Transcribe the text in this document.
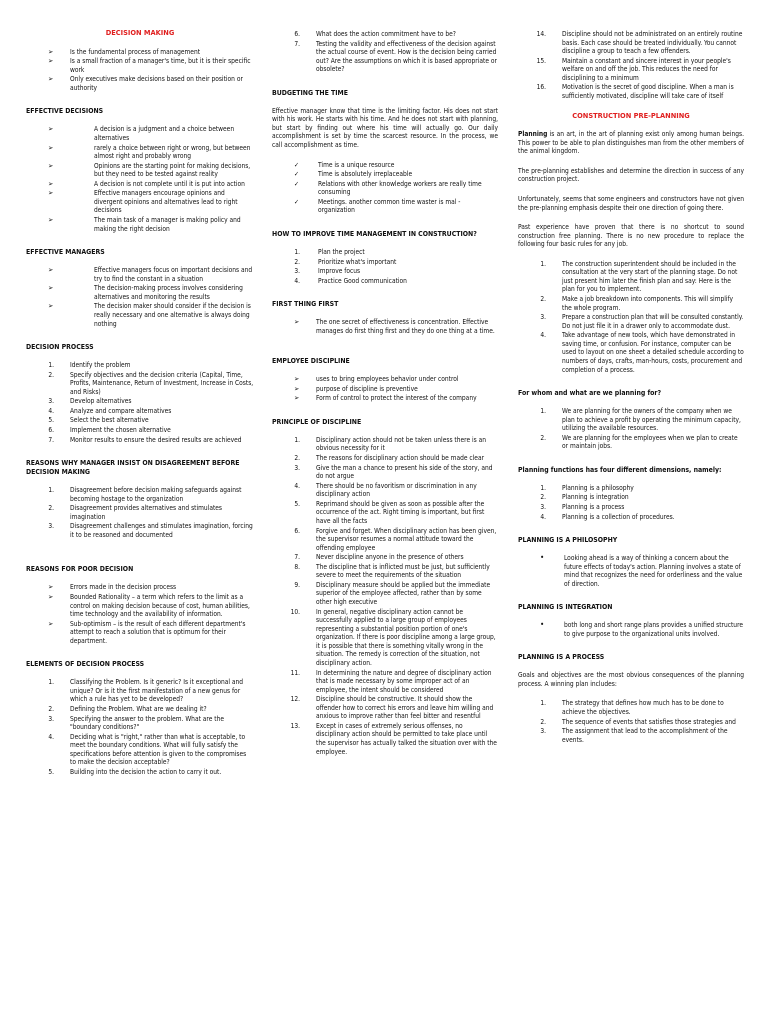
DECISION MAKING
➢	Is the fundamental process of management
➢	Is a small fraction of a manager's time, but it is their specific work
➢	Only executives make decisions based on their position or authority
EFFECTIVE DECISIONS
➢	A decision is a judgment and a choice between alternatives
➢	rarely a choice between right or wrong, but between almost right and probably wrong
➢	Opinions are the starting point for making decisions, but they need to be tested against reality
➢	A decision is not complete until it is put into action
➢	Effective managers encourage opinions and divergent opinions and alternatives lead to right decisions
➢	The main task of a manager is making policy and making the right decision
EFFECTIVE MANAGERS
➢	Effective managers focus on important decisions and try to find the constant in a situation
➢	The decision-making process involves considering alternatives and monitoring the results
➢	The decision maker should consider if the decision is really necessary and one alternative is always doing nothing
DECISION PROCESS
1. Identify the problem
2. Specify objectives and the decision criteria (Capital, Time, Profits, Maintenance, Return of Investment, Increase in Costs, and Risks)
3. Develop alternatives
4. Analyze and compare alternatives
5. Select the best alternative
6. Implement the chosen alternative
7. Monitor results to ensure the desired results are achieved
REASONS WHY MANAGER INSIST ON DISAGREEMENT BEFORE DECISION MAKING
1. Disagreement before decision making safeguards against becoming hostage to the organization
2. Disagreement provides alternatives and stimulates imagination
3. Disagreement challenges and stimulates imagination, forcing it to be reasoned and documented
REASONS FOR POOR DECISION
➢	Errors made in the decision process
➢	Bounded Rationality – a term which refers to the limit as a control on making decision because of cost, human abilities, time technology and the availability of information.
➢	Sub-optimism – is the result of each different department's attempt to reach a solution that is optimum for their department.
ELEMENTS OF DECISION PROCESS
1. Classifying the Problem. Is it generic? Is it exceptional and unique? Or is it the first manifestation of a new genus for which a rule has yet to be developed?
2. Defining the Problem. What are we dealing it?
3. Specifying the answer to the problem. What are the "boundary conditions?"
4. Deciding what is "right," rather than what is acceptable, to meet the boundary conditions. What will fully satisfy the specifications before attention is given to the compromises to make the decision acceptable?
5. Building into the decision the action to carry it out.
6. What does the action commitment have to be?
7. Testing the validity and effectiveness of the decision against the actual course of event. How is the decision being carried out? Are the assumptions on which it is based appropriate or obsolete?
BUDGETING THE TIME
Effective manager know that time is the limiting factor. His does not start with his work. He starts with his time. And he does not start with planning, but start by finding out where his time will actually go. Our daily accomplishment is set by time the scarcest resource. In the process, we call accomplishment as time.
✓	Time is a unique resource
✓	Time is absolutely irreplaceable
✓	Relations with other knowledge workers are really time consuming
✓	Meetings. another common time waster is mal - organization
HOW TO IMPROVE TIME MANAGEMENT IN CONSTRUCTION?
1.	Plan the project
2.	Prioritize what's important
3.	Improve focus
4.	Practice Good communication
FIRST THING FIRST
➢	The one secret of effectiveness is concentration. Effective manages do first thing first and they do one thing at a time.
EMPLOYEE DISCIPLINE
➢	uses to bring employees behavior under control
➢	purpose of discipline is preventive
➢	Form of control to protect the interest of the company
PRINCIPLE OF DISCIPLINE
1. Disciplinary action should not be taken unless there is an obvious necessity for it
2. The reasons for disciplinary action should be made clear
3. Give the man a chance to present his side of the story, and do not argue
4. There should be no favoritism or discrimination in any disciplinary action
5. Reprimand should be given as soon as possible after the occurrence of the act. Right timing is important, but first have all the facts
6. Forgive and forget. When disciplinary action has been given, the supervisor resumes a normal attitude toward the offending employee
7. Never discipline anyone in the presence of others
8. The discipline that is inflicted must be just, but sufficiently severe to meet the requirements of the situation
9. Disciplinary measure should be applied but the immediate superior of the employee affected, rather than by some other high executive
10. In general, negative disciplinary action cannot be successfully applied to a large group of employees representing a substantial position portion of one's organization. If there is poor discipline among a large group, it is possible that there is something vitally wrong in the situation. The remedy is correction of the situation, not disciplinary action.
11. In determining the nature and degree of disciplinary action that is made necessary by some improper act of an employee, the intent should be considered
12. Discipline should be constructive. It should show the offender how to correct his errors and leave him willing and anxious to improve rather than feel bitter and resentful
13. Except in cases of extremely serious offenses, no disciplinary action should be permitted to take place until the supervisor has actually talked the situation over with the employee.
14. Discipline should not be administrated on an entirely routine basis. Each case should be treated individually. You cannot discipline a group to teach a few offenders.
15. Maintain a constant and sincere interest in your people's welfare on and off the job. This reduces the need for disciplining to a minimum
16. Motivation is the secret of good discipline. When a man is sufficiently motivated, discipline will take care of itself
CONSTRUCTION PRE-PLANNING
Planning is an art, in the art of planning exist only among human beings. This power to be able to plan distinguishes man from the other members of the animal kingdom.
The pre-planning establishes and determine the direction in success of any construction project.
Unfortunately, seems that some engineers and constructors have not given the pre-planning emphasis despite their one direction of going there.
Past experience have proven that there is no shortcut to sound construction free planning. There is no new procedure to replace the following four basic rules for any job.
1. The construction superintendent should be included in the consultation at the very start of the planning stage. Do not just present him later the finish plan and say: Here is the plan for you to implement.
2. Make a job breakdown into components. This will simplify the whole program.
3. Prepare a construction plan that will be consulted constantly. Do not just file it in a drawer only to accommodate dust.
4. Take advantage of new tools, which have demonstrated in saving time, or confusion. For instance, computer can be used to layout on one sheet a detailed schedule according to numbers of days, crafts, man-hours, costs, procurement and completion of a process.
For whom and what are we planning for?
1. We are planning for the owners of the company when we plan to achieve a profit by operating the minimum capacity, utilizing the available resources.
2. We are planning for the employees when we plan to create or maintain jobs.
Planning functions has four different dimensions, namely:
1. Planning is a philosophy
2. Planning is integration
3. Planning is a process
4. Planning is a collection of procedures.
PLANNING IS A PHILOSOPHY
•	Looking ahead is a way of thinking a concern about the future effects of today's action. Planning involves a state of mind that recognizes the need for orderliness and the value of direction.
PLANNING IS INTEGRATION
•	both long and short range plans provides a unified structure to give purpose to the organizational units involved.
PLANNING IS A PROCESS
Goals and objectives are the most obvious consequences of the planning process. A winning plan includes:
1. The strategy that defines how much has to be done to achieve the objectives.
2. The sequence of events that satisfies those strategies and
3. The assignment that lead to the accomplishment of the events.
